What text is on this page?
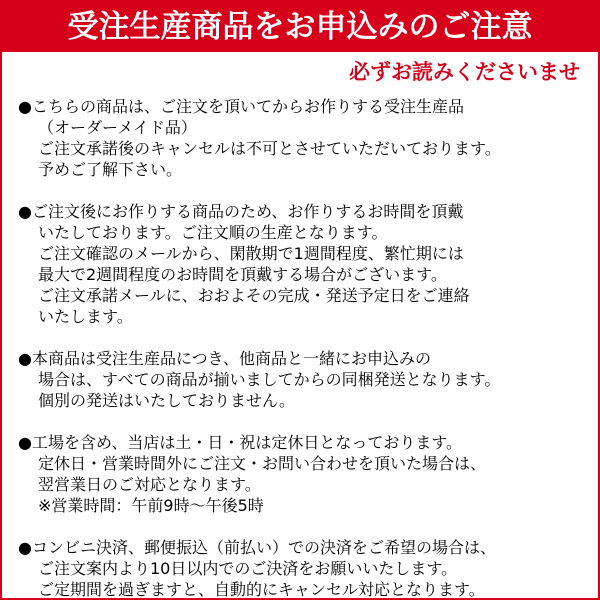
受注生産商品をお申込みのご注意
必ずお読みくださいませ
●こちらの商品は、ご注文を頂いてからお作りする受注生産品
（オーダーメイド品）
ご注文承諾後のキャンセルは不可とさせていただいております。
予めご了解下さい。
●ご注文後にお作りする商品のため、お作りするお時間を頂戴
いたしております。ご注文順の生産となります。
ご注文確認のメールから、閑散期で1週間程度、繁忙期には
最大で2週間程度のお時間を頂戴する場合がございます。
ご注文承諾メールに、おおよその完成・発送予定日をご連絡
いたします。
●本商品は受注生産品につき、他商品と一緒にお申込みの
場合は、すべての商品が揃いましてからの同梱発送となります。
個別の発送はいたしておりません。
●工場を含め、当店は土・日・祝は定休日となっております。
定休日・営業時間外にご注文・お問い合わせを頂いた場合は、
翌営業日のご対応となります。
※営業時間：午前9時～午後5時
●コンビニ決済、郵便振込（前払い）での決済をご希望の場合は、
ご注文案内より10日以内でのご決済をお願いいたします。
ご定期間を過ぎますと、自動的にキャンセル対応となります。
